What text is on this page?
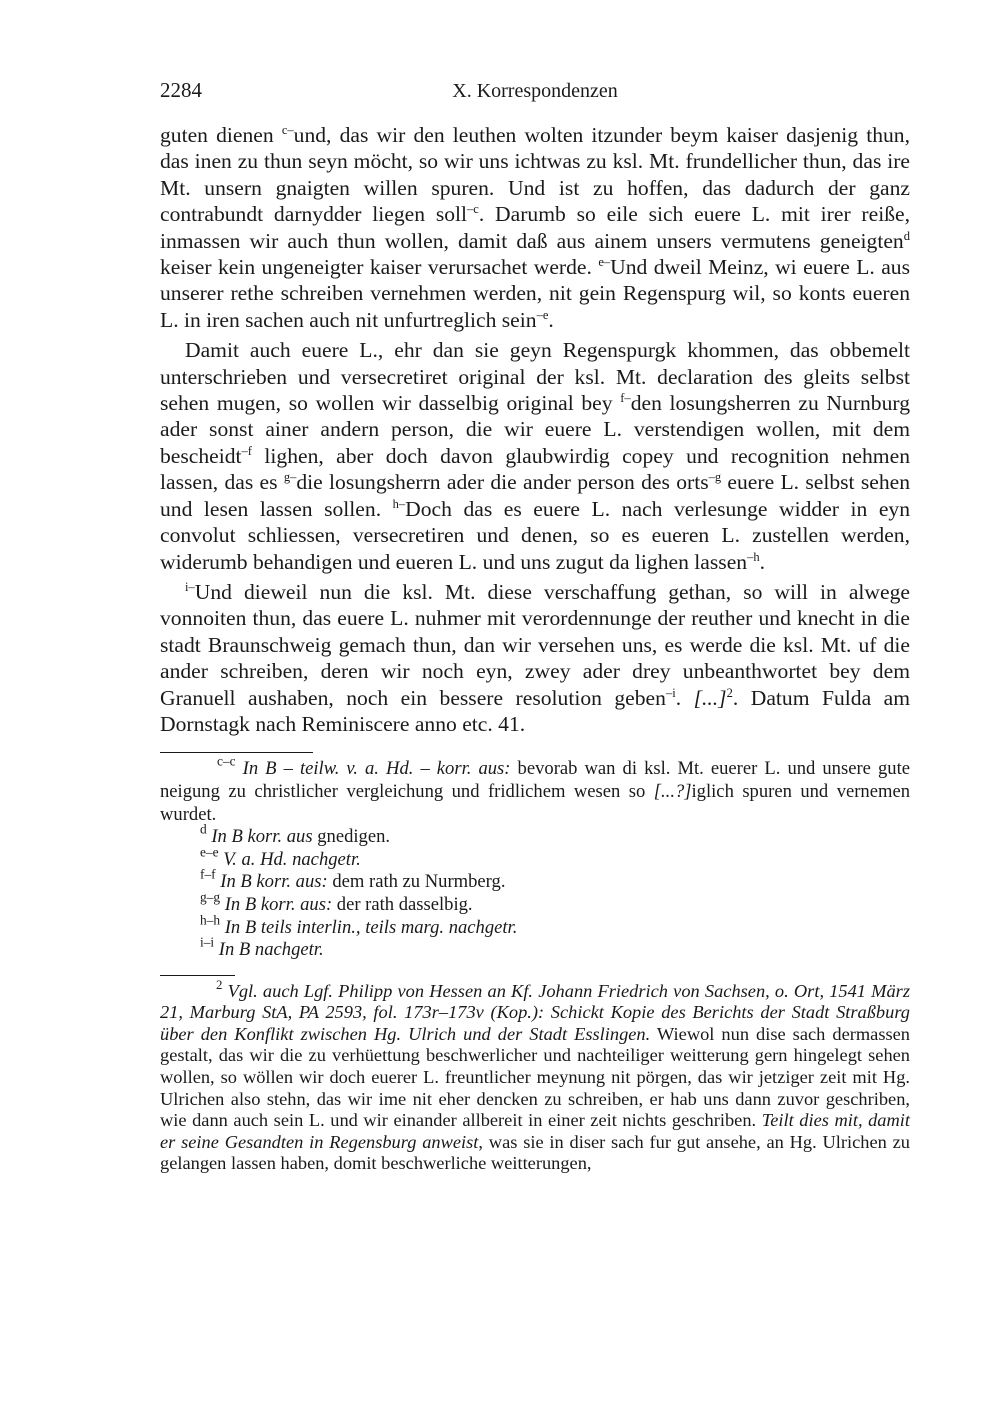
2284	X. Korrespondenzen

guten dienen $^{c-}$und, das wir den leuthen wolten itzunder beym kaiser dasjenig thun, das inen zu thun seyn möcht, so wir uns ichtwas zu ksl. Mt. frundellicher thun, das ire Mt. unsern gnaigten willen spuren. Und ist zu hoffen, das dadurch der ganz contrabundt darnydder liegen soll$^{-c}$. Darumb so eile sich euere L. mit irer reiße, inmassen wir auch thun wollen, damit daß aus ainem unsers vermutens geneigten$^d$ keiser kein ungeneigter kaiser verursachet werde. $^{e-}$Und dweil Meinz, wi euere L. aus unserer rethe schreiben vernehmen werden, nit gein Regenspurg wil, so konts eueren L. in iren sachen auch nit unfurtreglich sein$^{-e}$.

Damit auch euere L., ehr dan sie geyn Regenspurgk khommen, das obbemelt unterschrieben und versecretiret original der ksl. Mt. declaration des gleits selbst sehen mugen, so wollen wir dasselbig original bey $^{f-}$den losungsherren zu Nurnburg ader sonst ainer andern person, die wir euere L. verstendigen wollen, mit dem bescheidt$^{-f}$ lighen, aber doch davon glaubwirdig copey und recognition nehmen lassen, das es $^{g-}$die losungsherrn ader die ander person des orts$^{-g}$ euere L. selbst sehen und lesen lassen sollen. $^{h-}$Doch das es euere L. nach verlesunge widder in eyn convolut schliessen, versecretiren und denen, so es eueren L. zustellen werden, widerumb behandigen und eueren L. und uns zugut da lighen lassen$^{-h}$.

$^{i-}$Und dieweil nun die ksl. Mt. diese verschaffung gethan, so will in alwege vonnoiten thun, das euere L. nuhmer mit verordennunge der reuther und knecht in die stadt Braunschweig gemach thun, dan wir versehen uns, es werde die ksl. Mt. uf die ander schreiben, deren wir noch eyn, zwey ader drey unbeanthwortet bey dem Granuell aushaben, noch ein bessere resolution geben$^{-i}$. [...]$^2$. Datum Fulda am Dornstagk nach Reminiscere anno etc. 41.

$^{c-c}$ In B – teilw. v. a. Hd. – korr. aus: bevorab wan di ksl. Mt. euerer L. und unsere gute neigung zu christlicher vergleichung und fridlichem wesen so [...?]iglich spuren und vernemen wurdet.
$^d$ In B korr. aus gnedigen.
$^{e-e}$ V. a. Hd. nachgetr.
$^{f-f}$ In B korr. aus: dem rath zu Nurmberg.
$^{g-g}$ In B korr. aus: der rath dasselbig.
$^{h-h}$ In B teils interlin., teils marg. nachgetr.
$^{i-i}$ In B nachgetr.
$^2$ Vgl. auch Lgf. Philipp von Hessen an Kf. Johann Friedrich von Sachsen, o. Ort, 1541 März 21, Marburg StA, PA 2593, fol. 173r–173v (Kop.): Schickt Kopie des Berichts der Stadt Straßburg über den Konflikt zwischen Hg. Ulrich und der Stadt Esslingen. Wiewol nun dise sach dermassen gestalt, das wir die zu verhüettung beschwerlicher und nachteiliger weitterung gern hingelegt sehen wollen, so wöllen wir doch euerer L. freuntlicher meynung nit pörgen, das wir jetziger zeit mit Hg. Ulrichen also stehn, das wir ime nit eher dencken zu schreiben, er hab uns dann zuvor geschriben, wie dann auch sein L. und wir einander allbereit in einer zeit nichts geschriben. Teilt dies mit, damit er seine Gesandten in Regensburg anweist, was sie in diser sach fur gut ansehe, an Hg. Ulrichen zu gelangen lassen haben, domit beschwerliche weitterungen,
